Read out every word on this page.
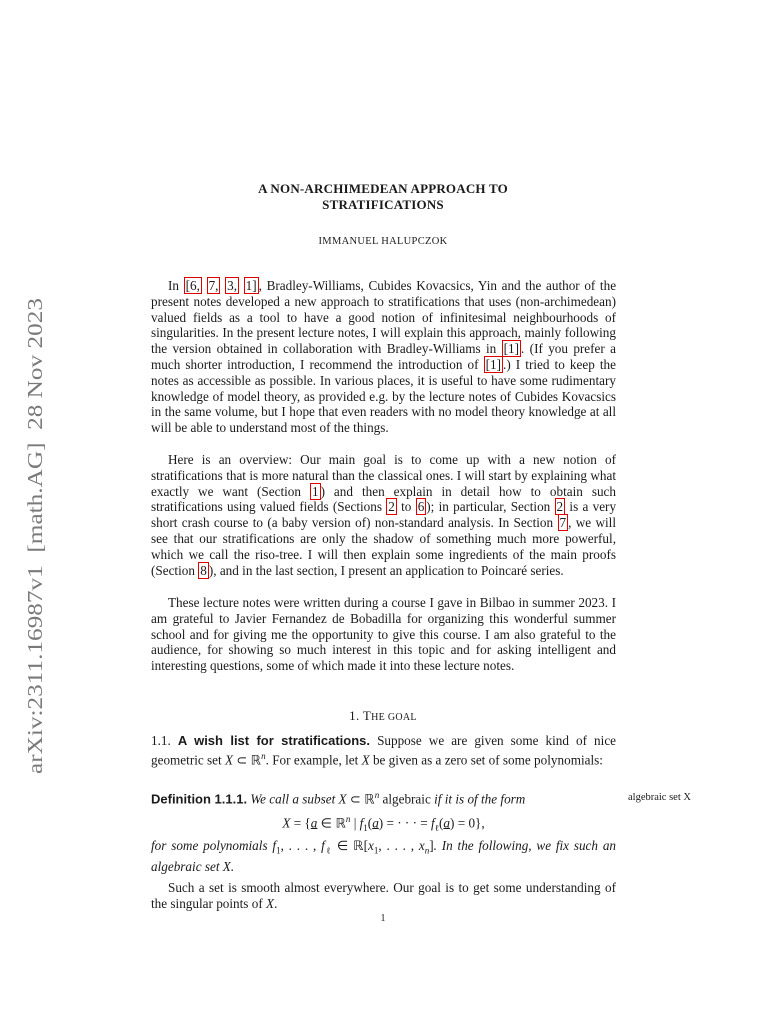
arXiv:2311.16987v1  [math.AG]  28 Nov 2023
A NON-ARCHIMEDEAN APPROACH TO
STRATIFICATIONS
IMMANUEL HALUPCZOK
In [6, 7, 3, 1] , Bradley-Williams, Cubides Kovacsics, Yin and the author of the present notes developed a new approach to stratifications that uses (non-archimedean) valued fields as a tool to have a good notion of infinitesimal neighbourhoods of singularities. In the present lecture notes, I will explain this approach, mainly following the version obtained in collaboration with Bradley-Williams in [1] . (If you prefer a much shorter introduction, I recommend the introduction of [1] .) I tried to keep the notes as accessible as possible. In various places, it is useful to have some rudimentary knowledge of model theory, as provided e.g. by the lecture notes of Cubides Kovacsics in the same volume, but I hope that even readers with no model theory knowledge at all will be able to understand most of the things.
Here is an overview: Our main goal is to come up with a new notion of stratifications that is more natural than the classical ones. I will start by explaining what exactly we want (Section 1 ) and then explain in detail how to obtain such stratifications using valued fields (Sections 2 to 6 ); in particular, Section 2 is a very short crash course to (a baby version of) non-standard analysis. In Section 7 , we will see that our stratifications are only the shadow of something much more powerful, which we call the riso-tree. I will then explain some ingredients of the main proofs (Section 8 ), and in the last section, I present an application to Poincaré series.
These lecture notes were written during a course I gave in Bilbao in summer 2023. I am grateful to Javier Fernandez de Bobadilla for organizing this wonderful summer school and for giving me the opportunity to give this course. I am also grateful to the audience, for showing so much interest in this topic and for asking intelligent and interesting questions, some of which made it into these lecture notes.
1. THE GOAL
1.1. A wish list for stratifications. Suppose we are given some kind of nice geometric set X ⊂ ℝ$^n$. For example, let X be given as a zero set of some polynomials:
Definition 1.1.1. We call a subset X ⊂ ℝ$^n$ algebraic if it is of the form	algebraic set X
X = {a ∈ ℝ$^n$ | $f_1(a)$ = · · · = $f_\ell(a) = 0$},
for some polynomials $f_1$, . . . , $f_\ell$ ∈ $ℝ[x_1$, . . . , $x_n$]. In the following, we fix such an algebraic set X.
Such a set is smooth almost everywhere. Our goal is to get some understanding of the singular points of X.
1
